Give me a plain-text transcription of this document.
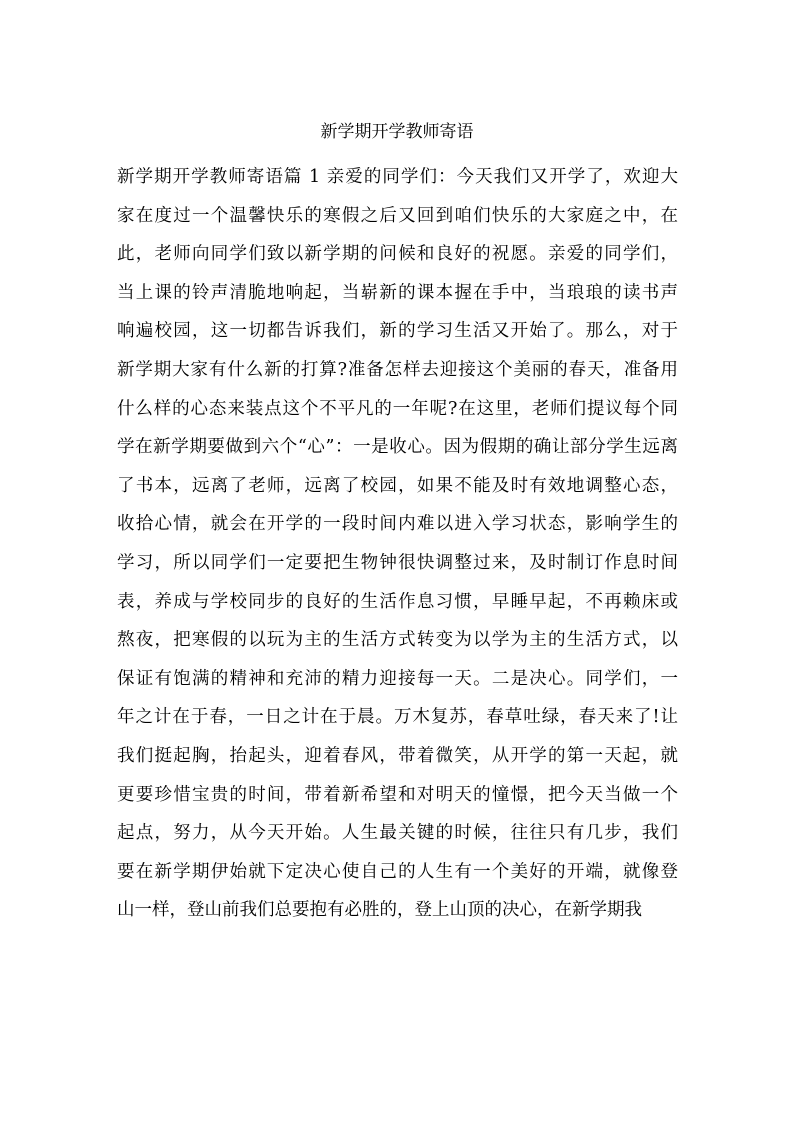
新学期开学教师寄语
新学期开学教师寄语篇 1 亲爱的同学们：今天我们又开学了，欢迎大
家在度过一个温馨快乐的寒假之后又回到咱们快乐的大家庭之中，在
此，老师向同学们致以新学期的问候和良好的祝愿。亲爱的同学们，
当上课的铃声清脆地响起，当崭新的课本握在手中，当琅琅的读书声
响遍校园，这一切都告诉我们，新的学习生活又开始了。那么，对于
新学期大家有什么新的打算?准备怎样去迎接这个美丽的春天，准备用
什么样的心态来装点这个不平凡的一年呢?在这里，老师们提议每个同
学在新学期要做到六个“心”：一是收心。因为假期的确让部分学生远离
了书本，远离了老师，远离了校园，如果不能及时有效地调整心态，
收拾心情，就会在开学的一段时间内难以进入学习状态，影响学生的
学习，所以同学们一定要把生物钟很快调整过来，及时制订作息时间
表，养成与学校同步的良好的生活作息习惯，早睡早起，不再赖床或
熬夜，把寒假的以玩为主的生活方式转变为以学为主的生活方式，以
保证有饱满的精神和充沛的精力迎接每一天。二是决心。同学们，一
年之计在于春，一日之计在于晨。万木复苏，春草吐绿，春天来了!让
我们挺起胸，抬起头，迎着春风，带着微笑，从开学的第一天起，就
更要珍惜宝贵的时间，带着新希望和对明天的憧憬，把今天当做一个
起点，努力，从今天开始。人生最关键的时候，往往只有几步，我们
要在新学期伊始就下定决心使自己的人生有一个美好的开端，就像登
山一样，登山前我们总要抱有必胜的，登上山顶的决心，在新学期我
